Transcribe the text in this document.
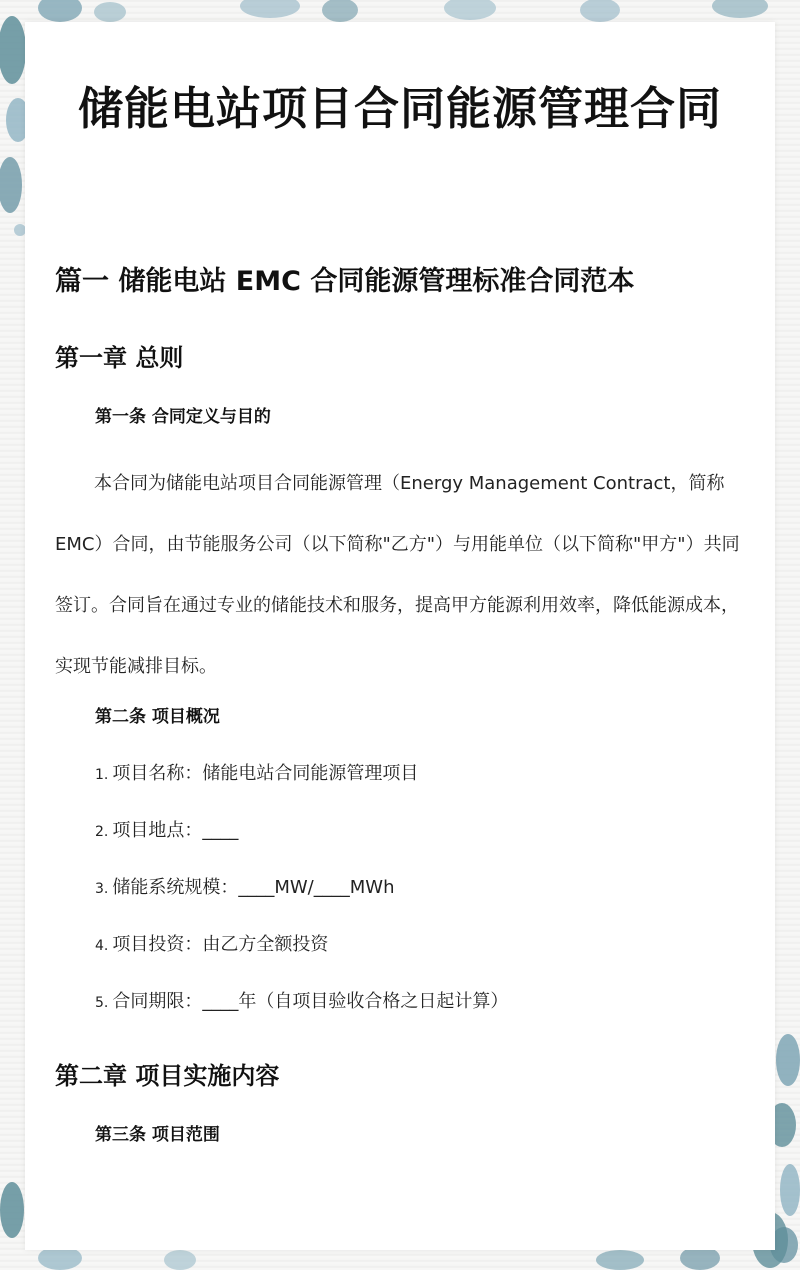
储能电站项目合同能源管理合同
篇一 储能电站 EMC 合同能源管理标准合同范本
第一章 总则
第一条 合同定义与目的

本合同为储能电站项目合同能源管理（Energy Management Contract，简称 EMC）合同，由节能服务公司（以下简称"乙方"）与用能单位（以下简称"甲方"）共同签订。合同旨在通过专业的储能技术和服务，提高甲方能源利用效率，降低能源成本，实现节能减排目标。

第二条 项目概况
1. 项目名称：储能电站合同能源管理项目
2. 项目地点：____
3. 储能系统规模：____MW/____MWh
4. 项目投资：由乙方全额投资
5. 合同期限：____年（自项目验收合格之日起计算）
第二章 项目实施内容
第三条 项目范围
